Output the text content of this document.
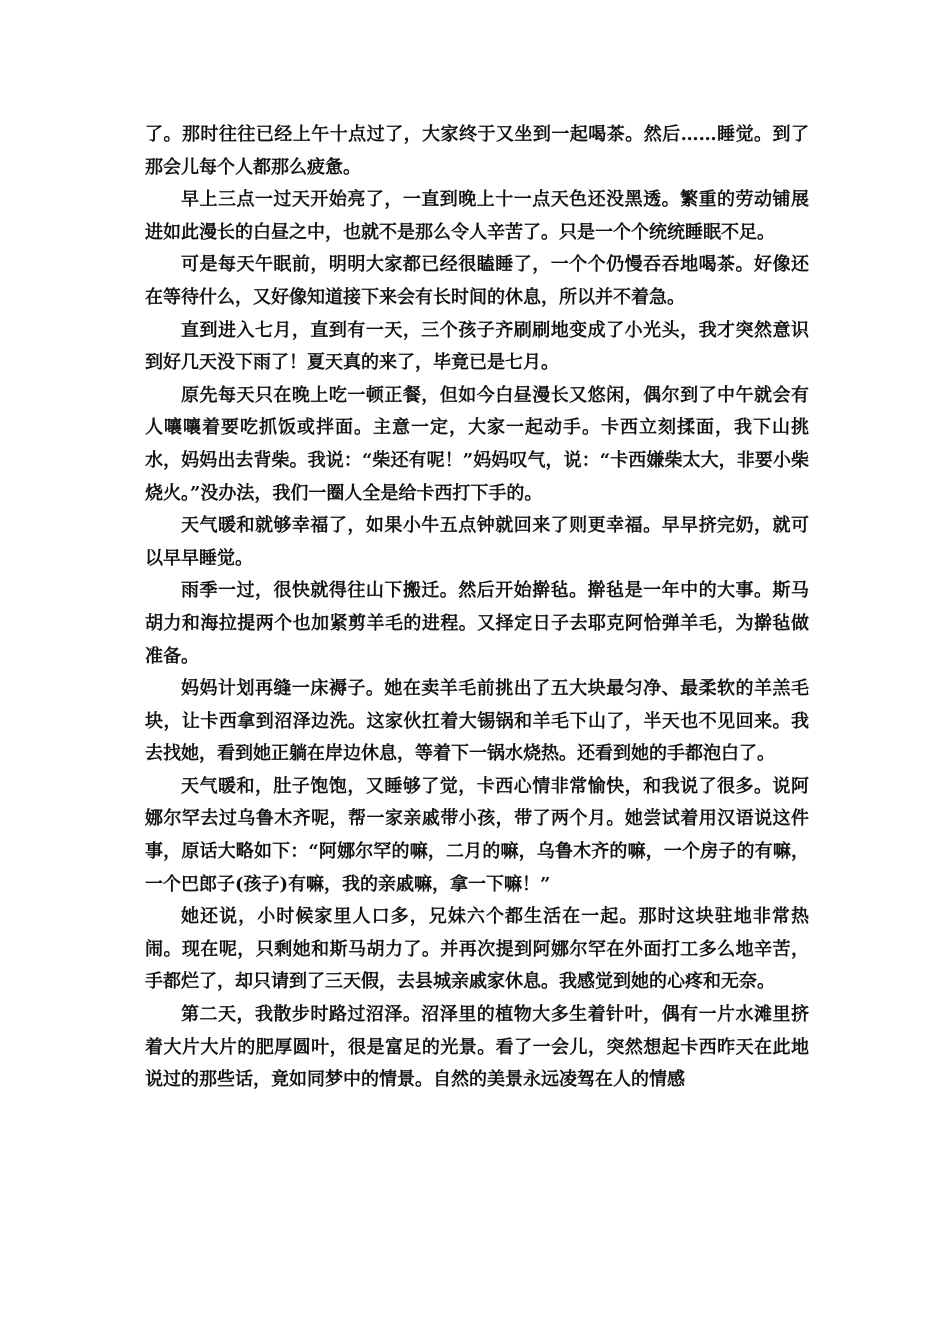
了。那时往往已经上午十点过了，大家终于又坐到一起喝茶。然后……睡觉。到了那会儿每个人都那么疲惫。

早上三点一过天开始亮了，一直到晚上十一点天色还没黑透。繁重的劳动铺展进如此漫长的白昼之中，也就不是那么令人辛苦了。只是一个个统统睡眠不足。

可是每天午眠前，明明大家都已经很瞌睡了，一个个仍慢吞吞地喝茶。好像还在等待什么，又好像知道接下来会有长时间的休息，所以并不着急。

直到进入七月，直到有一天，三个孩子齐刷刷地变成了小光头，我才突然意识到好几天没下雨了！夏天真的来了，毕竟已是七月。

原先每天只在晚上吃一顿正餐，但如今白昼漫长又悠闲，偶尔到了中午就会有人嚷嚷着要吃抓饭或拌面。主意一定，大家一起动手。卡西立刻揉面，我下山挑水，妈妈出去背柴。我说：“柴还有呢！”妈妈叹气，说：“卡西嫌柴太大，非要小柴烧火。”没办法，我们一圈人全是给卡西打下手的。

天气暖和就够幸福了，如果小牛五点钟就回来了则更幸福。早早挤完奶，就可以早早睡觉。

雨季一过，很快就得往山下搬迁。然后开始擀毡。擀毡是一年中的大事。斯马胡力和海拉提两个也加紧剪羊毛的进程。又择定日子去耶克阿恰弹羊毛，为擀毡做准备。

妈妈计划再缝一床褥子。她在卖羊毛前挑出了五大块最匀净、最柔软的羊羔毛块，让卡西拿到沼泽边洗。这家伙扛着大锡锅和羊毛下山了，半天也不见回来。我去找她，看到她正躺在岸边休息，等着下一锅水烧热。还看到她的手都泡白了。

天气暖和，肚子饱饱，又睡够了觉，卡西心情非常愉快，和我说了很多。说阿娜尔罕去过乌鲁木齐呢，帮一家亲戚带小孩，带了两个月。她尝试着用汉语说这件事，原话大略如下：“阿娜尔罕的嘛，二月的嘛，乌鲁木齐的嘛，一个房子的有嘛，一个巴郎子(孩子)有嘛，我的亲戚嘛，拿一下嘛！”

她还说，小时候家里人口多，兄妹六个都生活在一起。那时这块驻地非常热闹。现在呢，只剩她和斯马胡力了。并再次提到阿娜尔罕在外面打工多么地辛苦，手都烂了，却只请到了三天假，去县城亲戚家休息。我感觉到她的心疼和无奈。

第二天，我散步时路过沼泽。沼泽里的植物大多生着针叶，偶有一片水滩里挤着大片大片的肥厚圆叶，很是富足的光景。看了一会儿，突然想起卡西昨天在此地说过的那些话，竟如同梦中的情景。自然的美景永远凌驾在人的情感
